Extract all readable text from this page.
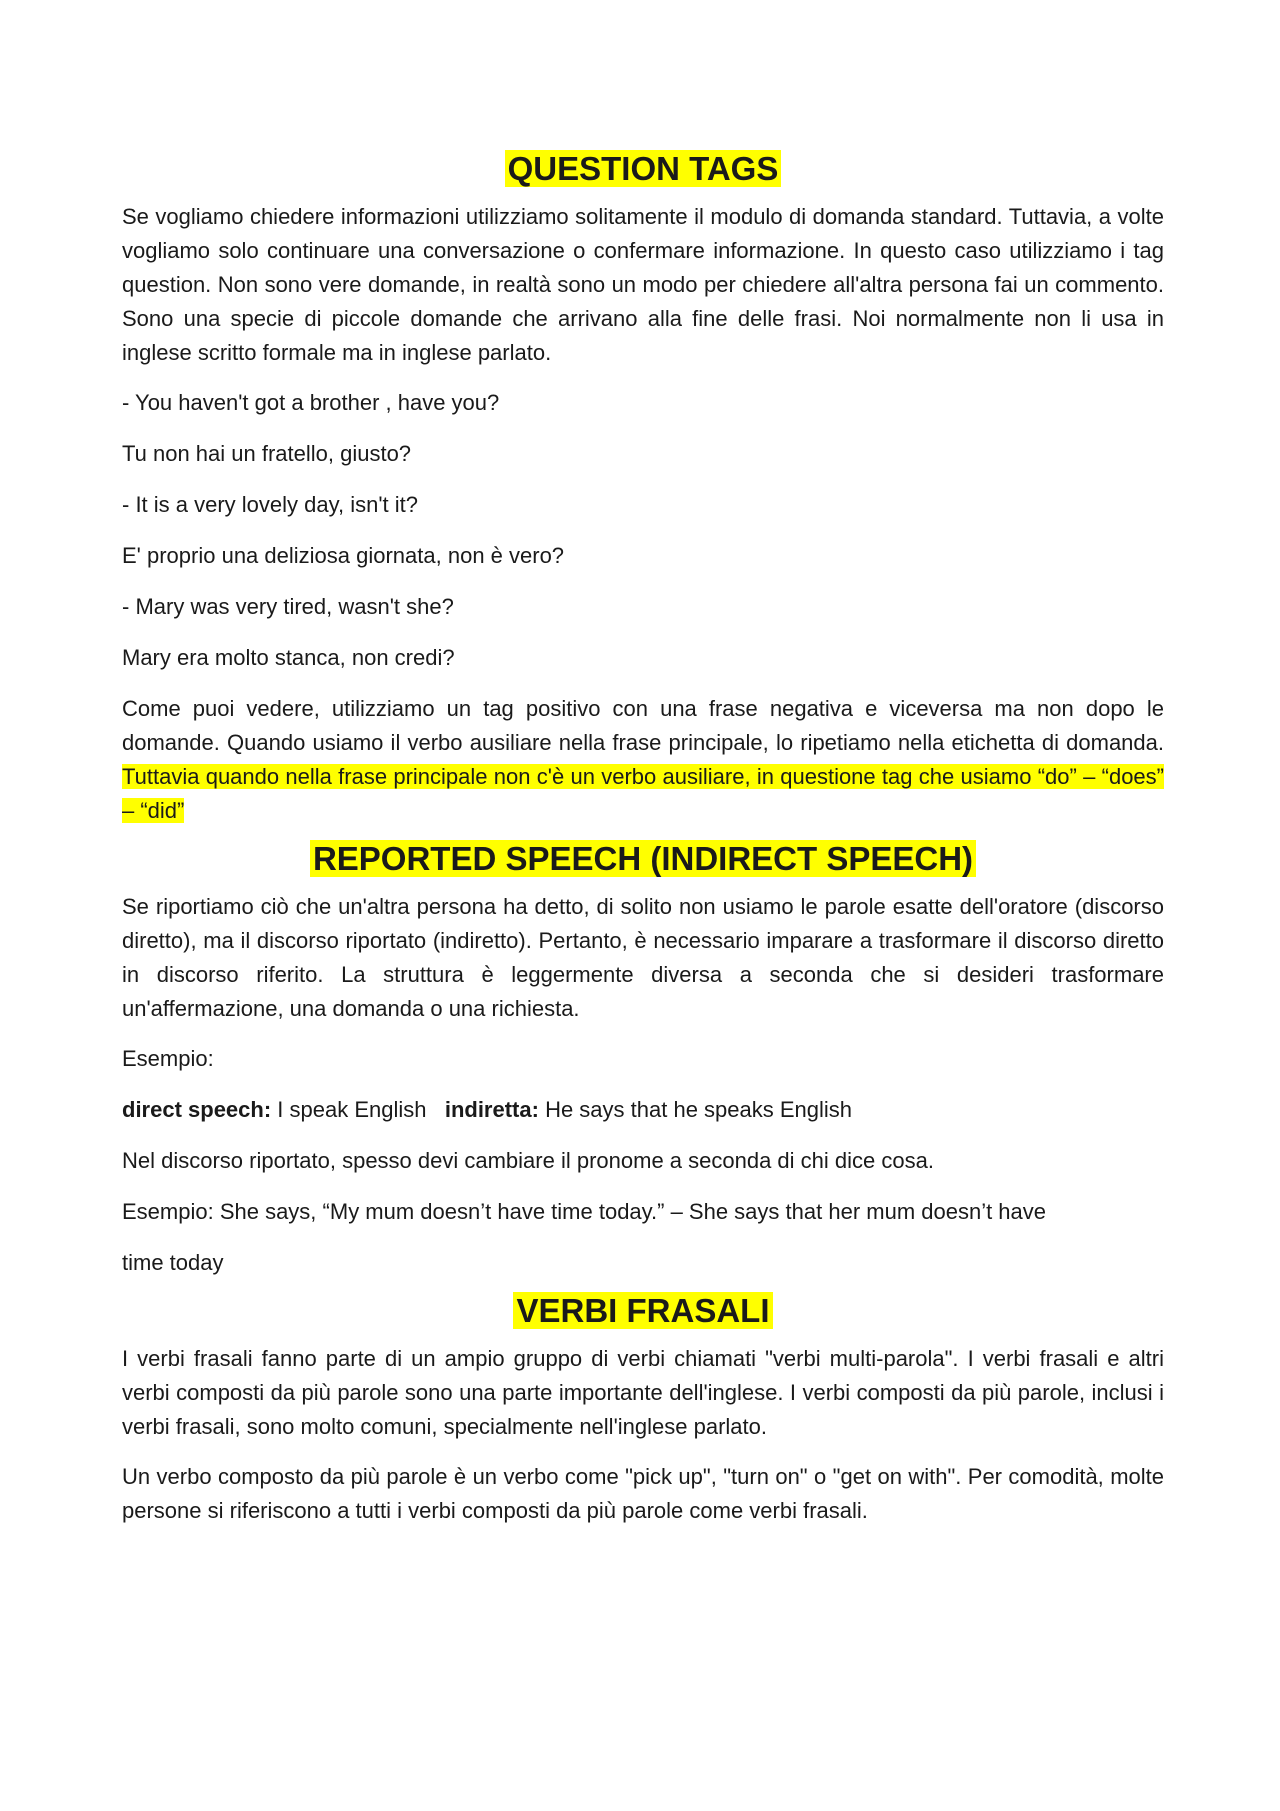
QUESTION TAGS

Se vogliamo chiedere informazioni utilizziamo solitamente il modulo di domanda standard. Tuttavia, a volte vogliamo solo continuare una conversazione o confermare informazione. In questo caso utilizziamo i tag question. Non sono vere domande, in realtà sono un modo per chiedere all'altra persona fai un commento. Sono una specie di piccole domande che arrivano alla fine delle frasi. Noi normalmente non li usa in inglese scritto formale ma in inglese parlato.

- You haven't got a brother , have you?

Tu non hai un fratello, giusto?

- It is a very lovely day, isn't it?

E' proprio una deliziosa giornata, non è vero?

- Mary was very tired, wasn't she?

Mary era molto stanca, non credi?

Come puoi vedere, utilizziamo un tag positivo con una frase negativa e viceversa ma non dopo le domande. Quando usiamo il verbo ausiliare nella frase principale, lo ripetiamo nella etichetta di domanda. Tuttavia quando nella frase principale non c'è un verbo ausiliare, in questione tag che usiamo “do” – “does” – “did”

REPORTED SPEECH (INDIRECT SPEECH)

Se riportiamo ciò che un'altra persona ha detto, di solito non usiamo le parole esatte dell'oratore (discorso diretto), ma il discorso riportato (indiretto). Pertanto, è necessario imparare a trasformare il discorso diretto in discorso riferito. La struttura è leggermente diversa a seconda che si desideri trasformare un'affermazione, una domanda o una richiesta.

Esempio:

direct speech: I speak English indiretta: He says that he speaks English

Nel discorso riportato, spesso devi cambiare il pronome a seconda di chi dice cosa.

Esempio: She says, “My mum doesn’t have time today.” – She says that her mum doesn’t have

time today

VERBI FRASALI

I verbi frasali fanno parte di un ampio gruppo di verbi chiamati "verbi multi-parola". I verbi frasali e altri verbi composti da più parole sono una parte importante dell'inglese. I verbi composti da più parole, inclusi i verbi frasali, sono molto comuni, specialmente nell'inglese parlato.

Un verbo composto da più parole è un verbo come "pick up", "turn on" o "get on with". Per comodità, molte persone si riferiscono a tutti i verbi composti da più parole come verbi frasali.
